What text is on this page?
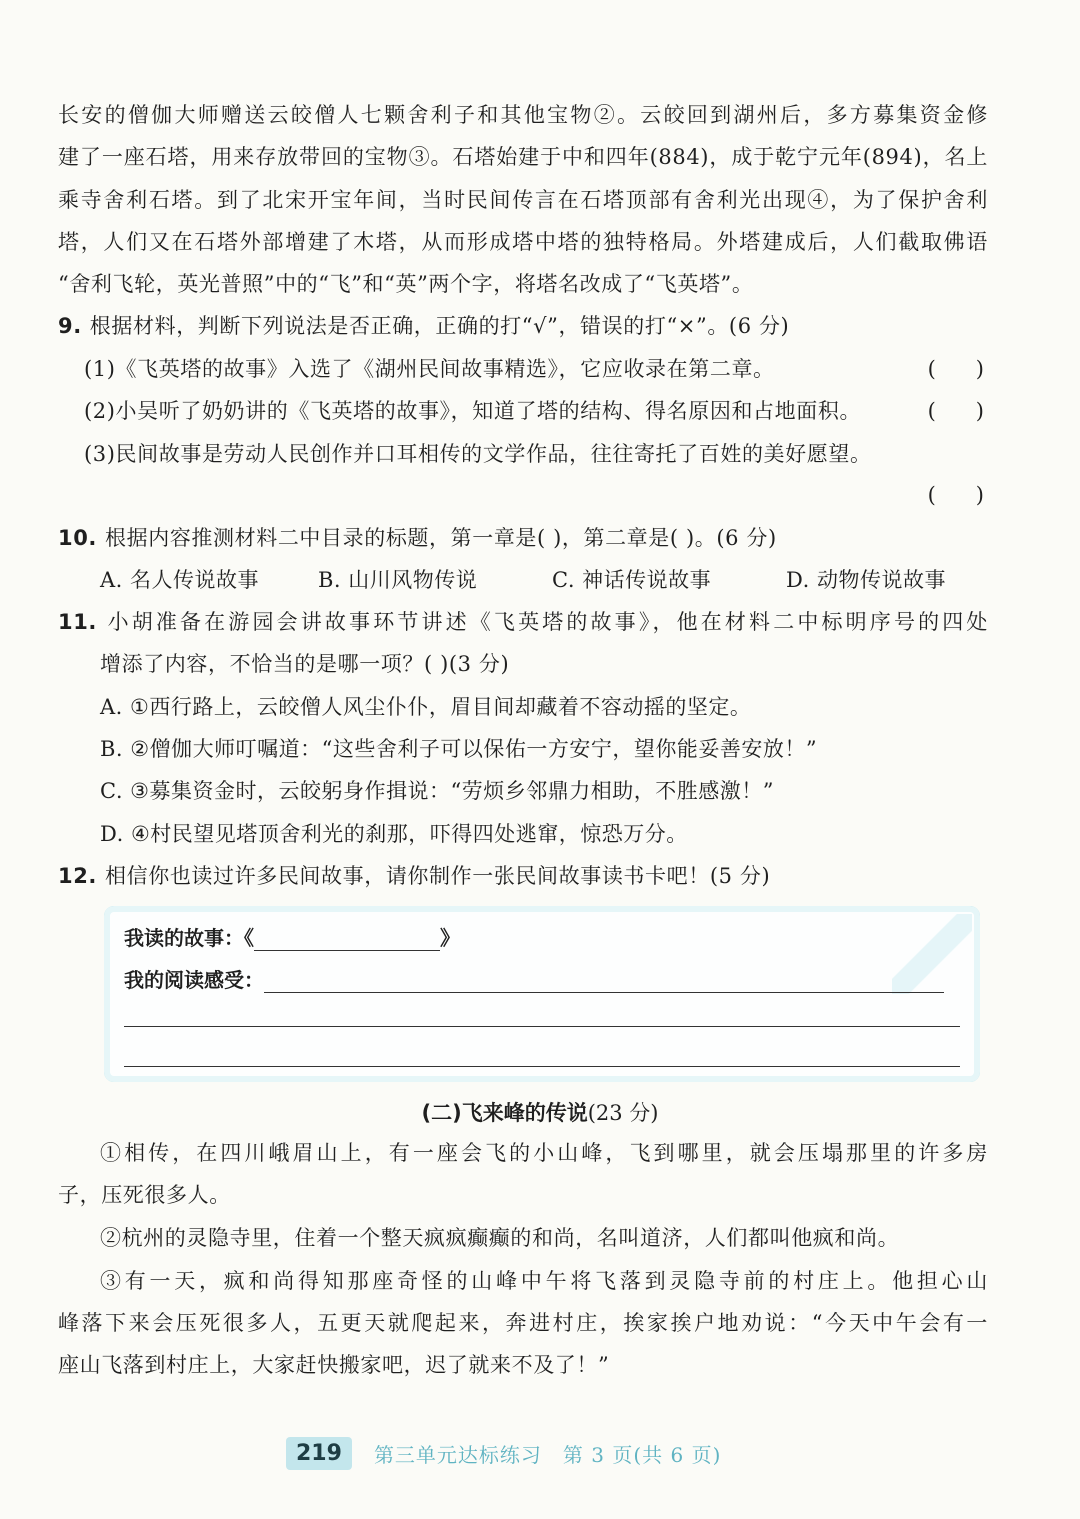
长安的僧伽大师赠送云皎僧人七颗舍利子和其他宝物②。云皎回到湖州后，多方募集资金修
建了一座石塔，用来存放带回的宝物③。石塔始建于中和四年(884)，成于乾宁元年(894)，名上
乘寺舍利石塔。到了北宋开宝年间，当时民间传言在石塔顶部有舍利光出现④，为了保护舍利
塔，人们又在石塔外部增建了木塔，从而形成塔中塔的独特格局。外塔建成后，人们截取佛语
“舍利飞轮，英光普照”中的“飞”和“英”两个字，将塔名改成了“飞英塔”。
9. 根据材料，判断下列说法是否正确，正确的打“√”，错误的打“×”。(6 分)
(1)《飞英塔的故事》入选了《湖州民间故事精选》，它应收录在第二章。	(      )
(2)小吴听了奶奶讲的《飞英塔的故事》，知道了塔的结构、得名原因和占地面积。	(      )
(3)民间故事是劳动人民创作并口耳相传的文学作品，往往寄托了百姓的美好愿望。
(      )
10. 根据内容推测材料二中目录的标题，第一章是( )，第二章是( )。(6 分)
A. 名人传说故事	B. 山川风物传说	C. 神话传说故事	D. 动物传说故事
11. 小胡准备在游园会讲故事环节讲述《飞英塔的故事》，他在材料二中标明序号的四处
增添了内容，不恰当的是哪一项？( )(3 分)
A. ①西行路上，云皎僧人风尘仆仆，眉目间却藏着不容动摇的坚定。
B. ②僧伽大师叮嘱道：“这些舍利子可以保佑一方安宁，望你能妥善安放！”
C. ③募集资金时，云皎躬身作揖说：“劳烦乡邻鼎力相助，不胜感激！”
D. ④村民望见塔顶舍利光的刹那，吓得四处逃窜，惊恐万分。
12. 相信你也读过许多民间故事，请你制作一张民间故事读书卡吧！(5 分)
我读的故事：《	》
我的阅读感受：
(二)飞来峰的传说(23 分)
①相传，在四川峨眉山上，有一座会飞的小山峰，飞到哪里，就会压塌那里的许多房
子，压死很多人。
②杭州的灵隐寺里，住着一个整天疯疯癫癫的和尚，名叫道济，人们都叫他疯和尚。
③有一天，疯和尚得知那座奇怪的山峰中午将飞落到灵隐寺前的村庄上。他担心山
峰落下来会压死很多人，五更天就爬起来，奔进村庄，挨家挨户地劝说：“今天中午会有一
座山飞落到村庄上，大家赶快搬家吧，迟了就来不及了！”
219	第三单元达标练习　第 3 页(共 6 页)
